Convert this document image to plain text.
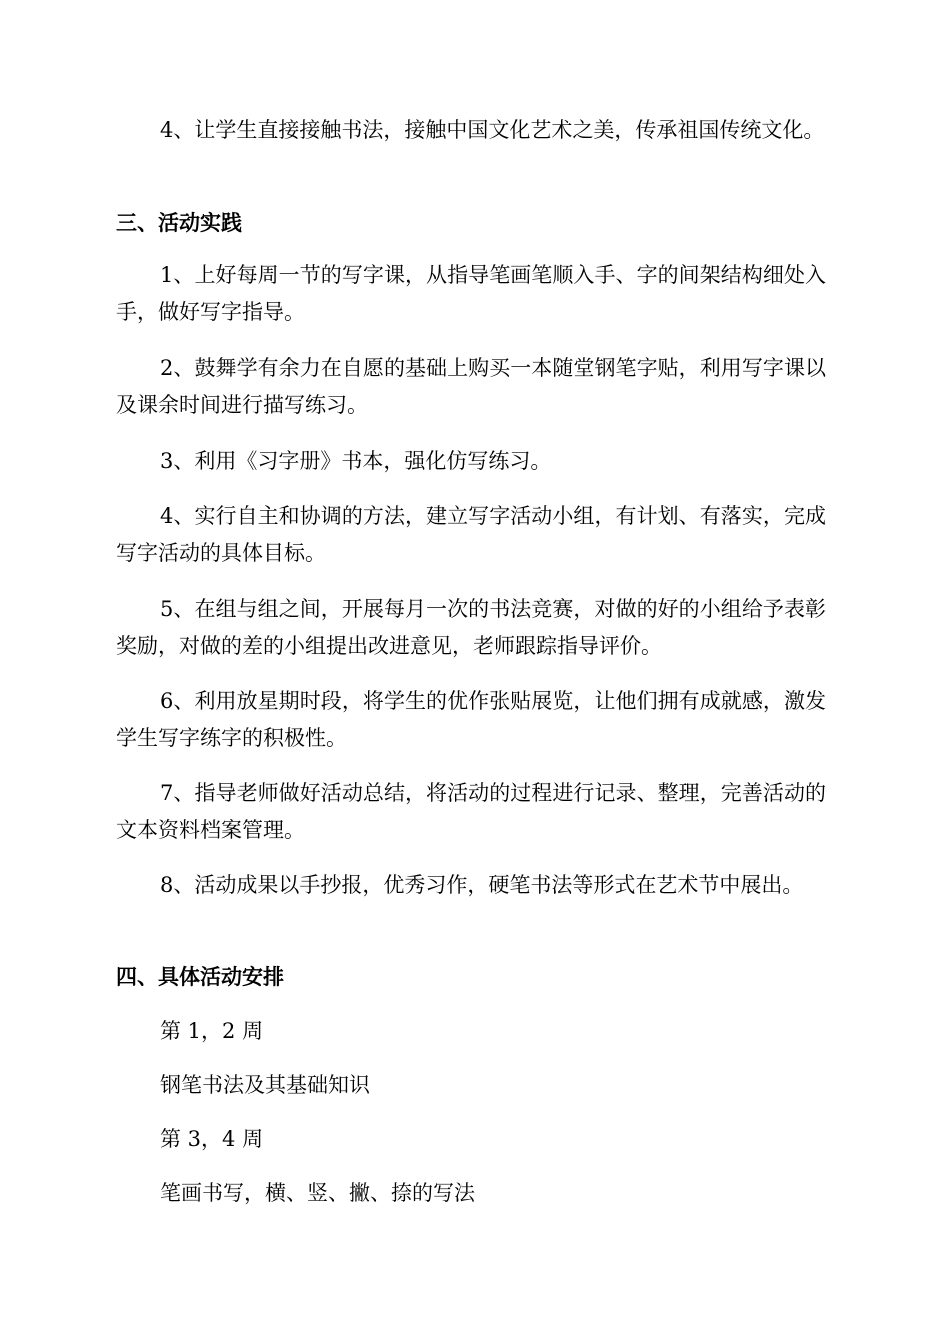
4、让学生直接接触书法，接触中国文化艺术之美，传承祖国传统文化。

三、活动实践

1、上好每周一节的写字课，从指导笔画笔顺入手、字的间架结构细处入手，做好写字指导。

2、鼓舞学有余力在自愿的基础上购买一本随堂钢笔字贴，利用写字课以及课余时间进行描写练习。

3、利用《习字册》书本，强化仿写练习。

4、实行自主和协调的方法，建立写字活动小组，有计划、有落实，完成写字活动的具体目标。

5、在组与组之间，开展每月一次的书法竞赛，对做的好的小组给予表彰奖励，对做的差的小组提出改进意见，老师跟踪指导评价。

6、利用放星期时段，将学生的优作张贴展览，让他们拥有成就感，激发学生写字练字的积极性。

7、指导老师做好活动总结，将活动的过程进行记录、整理，完善活动的文本资料档案管理。

8、活动成果以手抄报，优秀习作，硬笔书法等形式在艺术节中展出。

四、具体活动安排

第 1，2 周

钢笔书法及其基础知识

第 3，4 周

笔画书写，横、竖、撇、捺的写法
